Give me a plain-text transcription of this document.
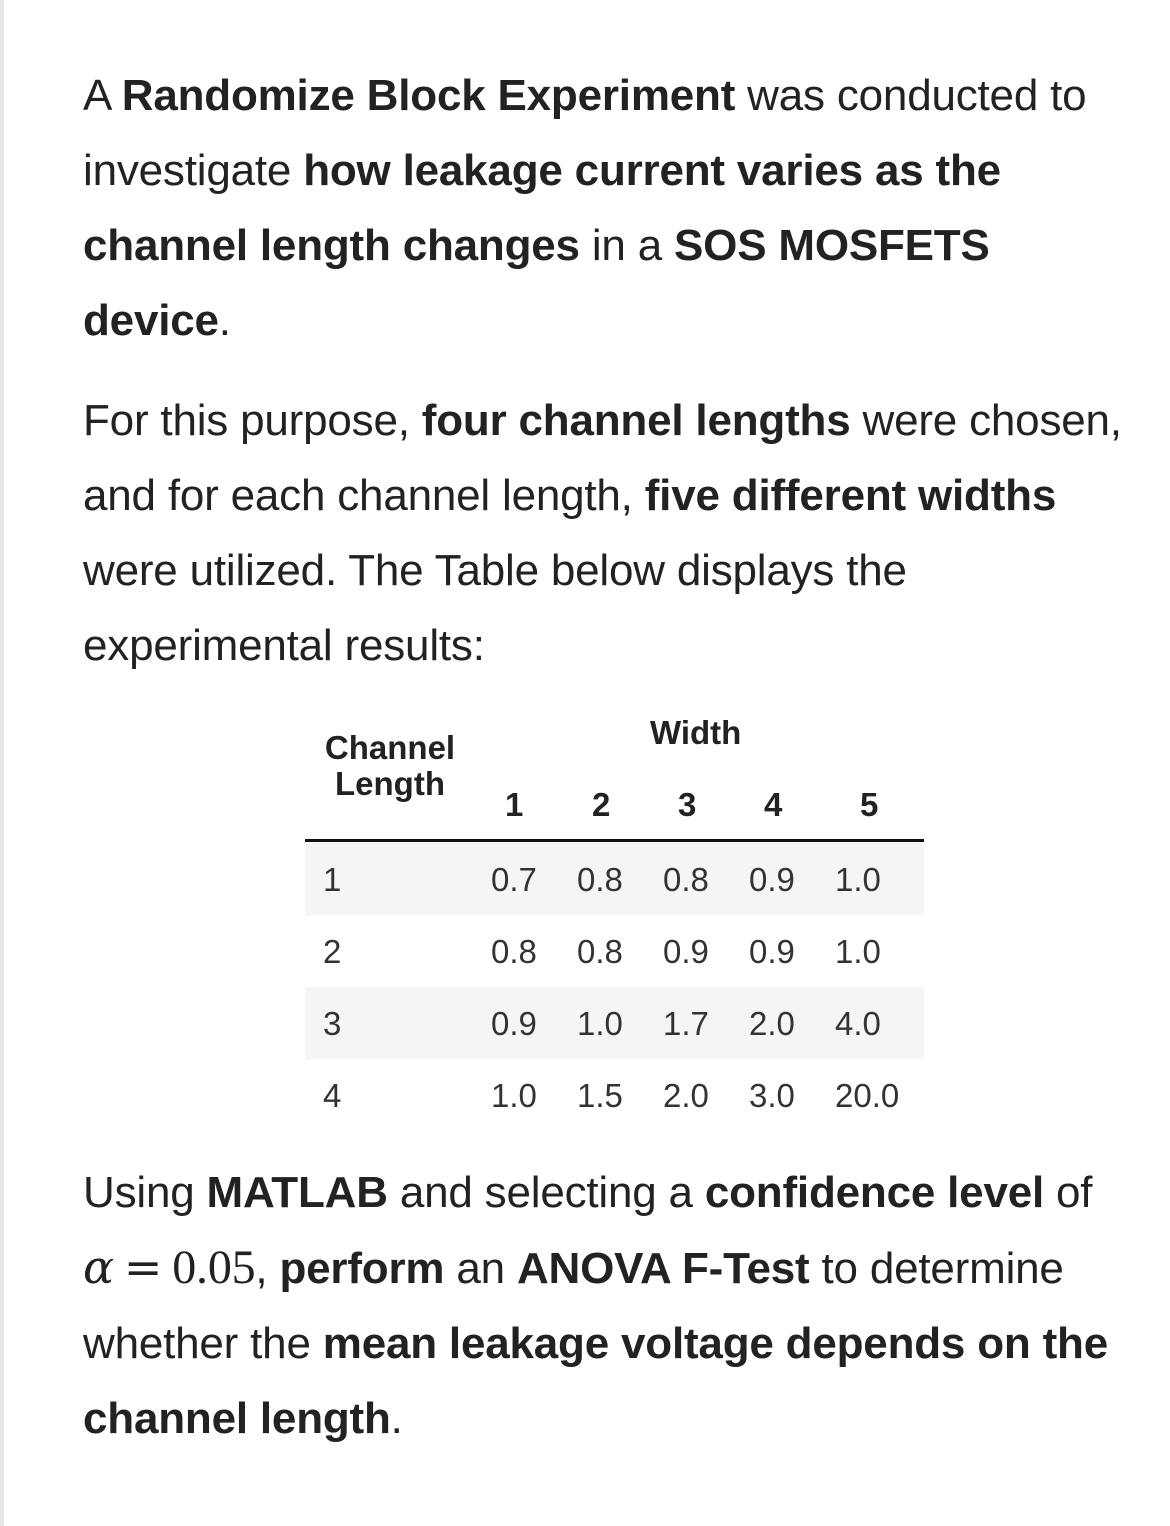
A Randomize Block Experiment was conducted to investigate how leakage current varies as the channel length changes in a SOS MOSFETS device.

For this purpose, four channel lengths were chosen, and for each channel length, five different widths were utilized. The Table below displays the experimental results:

Channel Length
Width
1 2 3 4 5
1	0.7 0.8 0.8 0.9 1.0
2	0.8 0.8 0.9 0.9 1.0
3	0.9 1.0 1.7 2.0 4.0
4	1.0 1.5 2.0 3.0 20.0

Using MATLAB and selecting a confidence level of α = 0.05, perform an ANOVA F-Test to determine whether the mean leakage voltage depends on the channel length.
